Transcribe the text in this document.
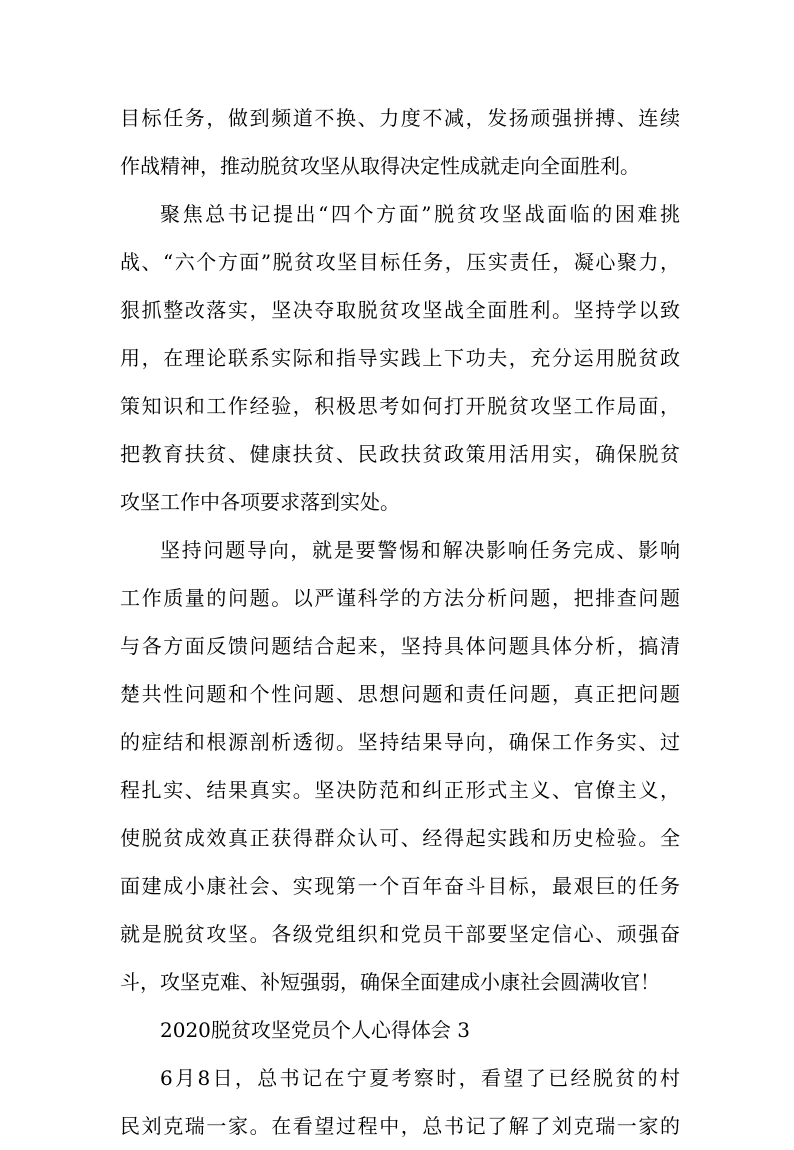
目标任务，做到频道不换、力度不减，发扬顽强拼搏、连续
作战精神，推动脱贫攻坚从取得决定性成就走向全面胜利。
聚焦总书记提出“四个方面”脱贫攻坚战面临的困难挑
战、“六个方面”脱贫攻坚目标任务，压实责任，凝心聚力，
狠抓整改落实，坚决夺取脱贫攻坚战全面胜利。坚持学以致
用，在理论联系实际和指导实践上下功夫，充分运用脱贫政
策知识和工作经验，积极思考如何打开脱贫攻坚工作局面，
把教育扶贫、健康扶贫、民政扶贫政策用活用实，确保脱贫
攻坚工作中各项要求落到实处。
坚持问题导向，就是要警惕和解决影响任务完成、影响
工作质量的问题。以严谨科学的方法分析问题，把排查问题
与各方面反馈问题结合起来，坚持具体问题具体分析，搞清
楚共性问题和个性问题、思想问题和责任问题，真正把问题
的症结和根源剖析透彻。坚持结果导向，确保工作务实、过
程扎实、结果真实。坚决防范和纠正形式主义、官僚主义，
使脱贫成效真正获得群众认可、经得起实践和历史检验。全
面建成小康社会、实现第一个百年奋斗目标，最艰巨的任务
就是脱贫攻坚。各级党组织和党员干部要坚定信心、顽强奋
斗，攻坚克难、补短强弱，确保全面建成小康社会圆满收官！
2020脱贫攻坚党员个人心得体会 3
6月8日，总书记在宁夏考察时，看望了已经脱贫的村
民刘克瑞一家。在看望过程中，总书记了解了刘克瑞一家的
